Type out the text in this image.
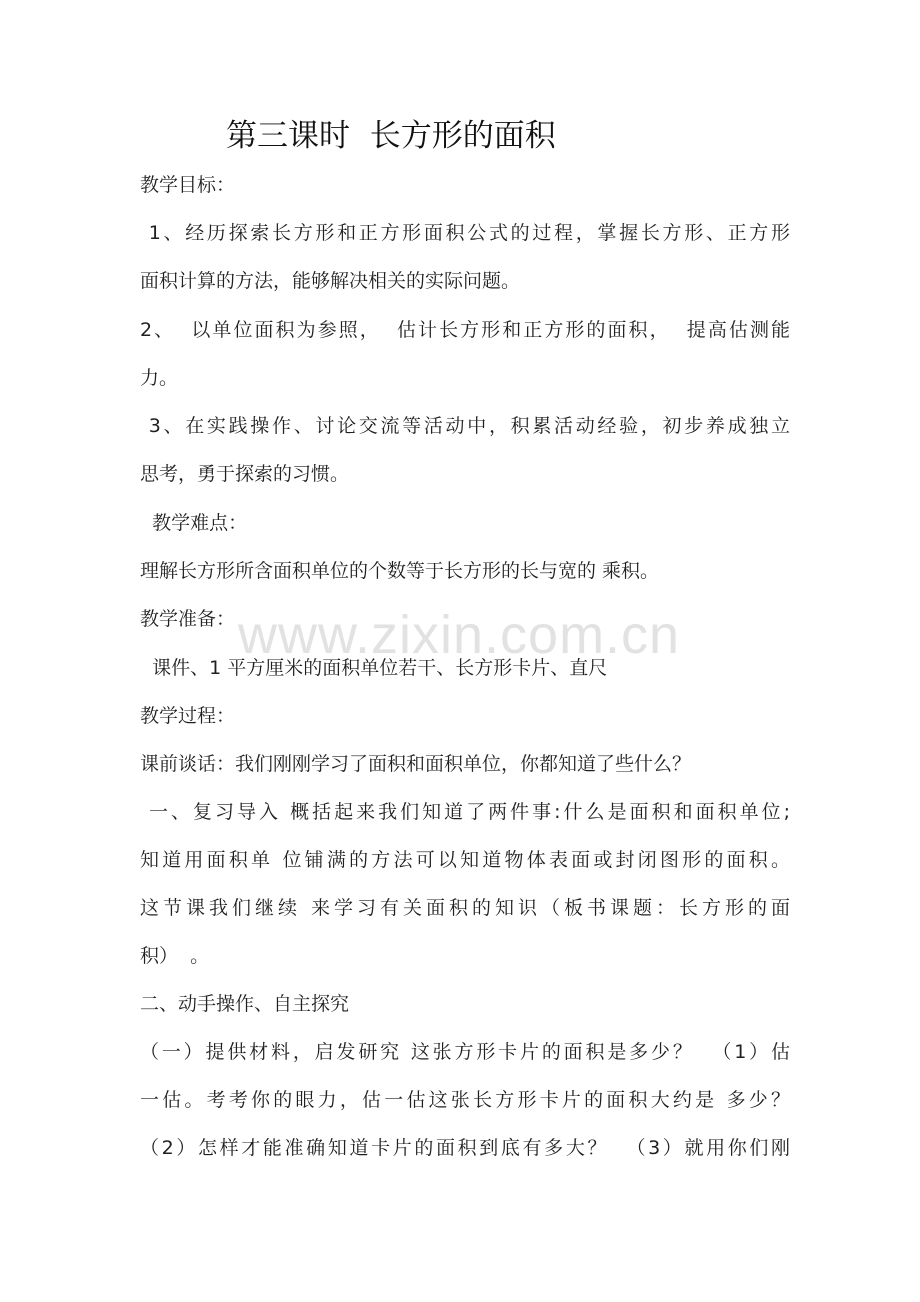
第三课时  长方形的面积
教学目标：
1、经历探索长方形和正方形面积公式的过程，掌握长方形、正方形
面积计算的方法，能够解决相关的实际问题。
2、  以单位面积为参照，  估计长方形和正方形的面积，  提高估测能
力。
3、在实践操作、讨论交流等活动中，积累活动经验，初步养成独立
思考，勇于探索的习惯。
教学难点：
理解长方形所含面积单位的个数等于长方形的长与宽的 乘积。
教学准备：
课件、1 平方厘米的面积单位若干、长方形卡片、直尺
教学过程：
课前谈话：我们刚刚学习了面积和面积单位，你都知道了些什么？
一、复习导入 概括起来我们知道了两件事:什么是面积和面积单位;
知道用面积单 位铺满的方法可以知道物体表面或封闭图形的面积。
这节课我们继续 来学习有关面积的知识（板书课题：长方形的面
积）  。
二、动手操作、自主探究
（一）提供材料，启发研究 这张方形卡片的面积是多少？  （1）估
一估。考考你的眼力，估一估这张长方形卡片的面积大约是 多少？
（2）怎样才能准确知道卡片的面积到底有多大？  （3）就用你们刚
www.zixin.com.cn
